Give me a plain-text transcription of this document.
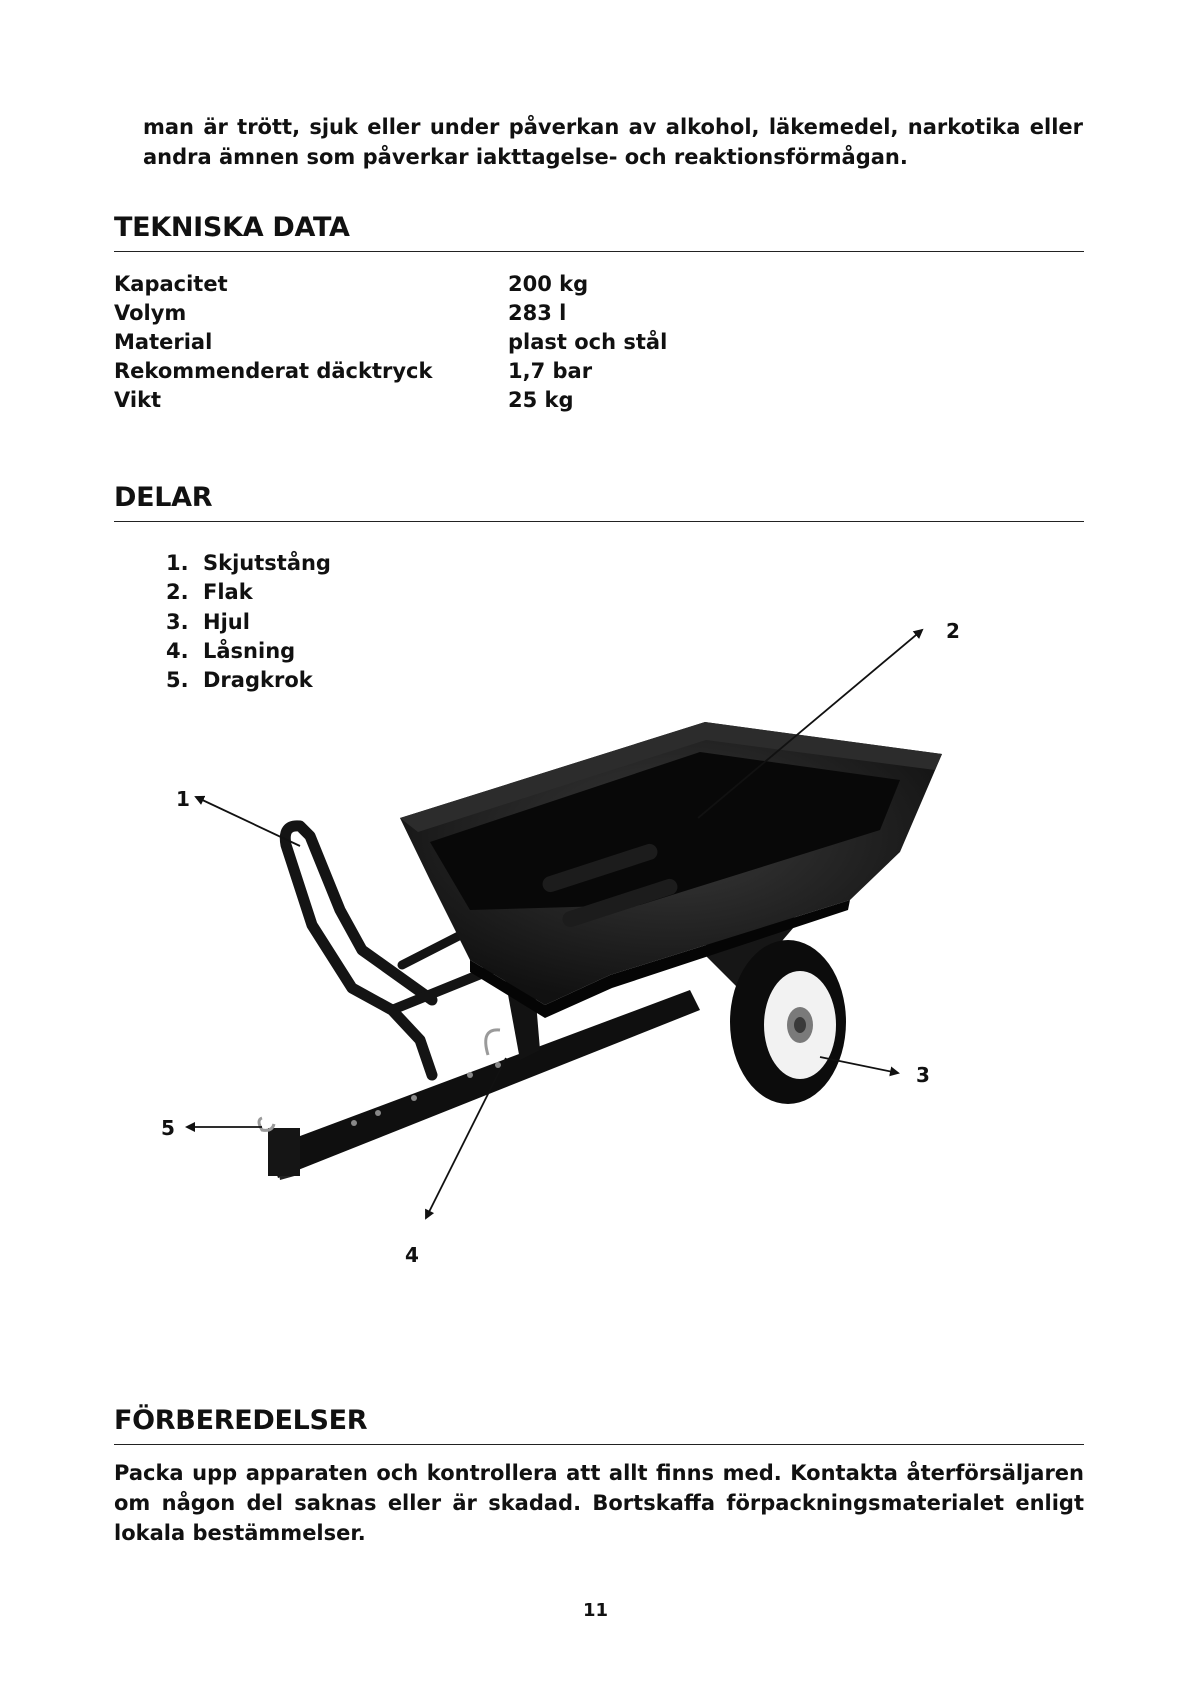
man är trött, sjuk eller under påverkan av alkohol, läkemedel, narkotika eller andra ämnen som påverkar iakttagelse- och reaktionsförmågan.
TEKNISKA DATA
Kapacitet	200 kg
Volym	283 l
Material	plast och stål
Rekommenderat däcktryck	1,7 bar
Vikt	25 kg
DELAR
1. Skjutstång
2. Flak
3. Hjul
4. Låsning
5. Dragkrok
1
2
3
4
5
FÖRBEREDELSER
Packa upp apparaten och kontrollera att allt finns med. Kontakta återförsäljaren om någon del saknas eller är skadad. Bortskaffa förpackningsmaterialet enligt lokala bestämmelser.
11
